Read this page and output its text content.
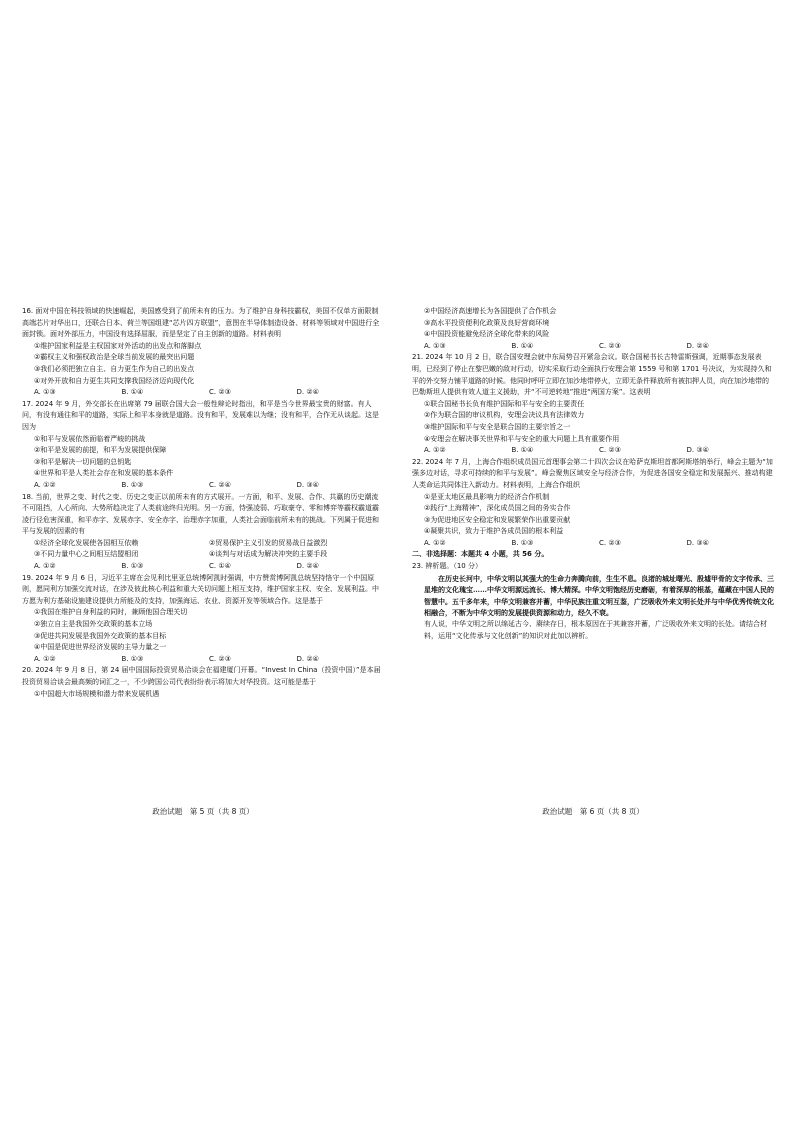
16. 面对中国在科技领域的快速崛起，美国感受到了前所未有的压力。为了维护自身科技霸权，美国不仅单方面限制高端芯片对华出口，还联合日本、荷兰等国组建“芯片四方联盟”，意图在半导体制造设备、材料等领域对中国进行全面封锁。面对外部压力，中国没有选择屈服，而是坚定了自主创新的道路。材料表明

①维护国家利益是主权国家对外活动的出发点和落脚点

②霸权主义和强权政治是全球当前发展的最突出问题

③我们必须把独立自主、自力更生作为自己的出发点

④对外开放和自力更生共同支撑我国经济迈向现代化

A. ①③	B. ①④	C. ②③	D. ②④

17. 2024 年 9 月，外交部长在出席第 79 届联合国大会一般性辩论时指出，和平是当今世界最宝贵的财富。有人问，有没有通往和平的道路，实际上和平本身就是道路。没有和平，发展难以为继；没有和平，合作无从谈起。这是因为

①和平与发展依然面临着严峻的挑战

②和平是发展的前提，和平为发展提供保障

③和平是解决一切问题的总钥匙

④世界和平是人类社会存在和发展的基本条件

A. ①②	B. ①③	C. ②④	D. ③④

18. 当前，世界之变、时代之变、历史之变正以前所未有的方式展开。一方面，和平、发展、合作、共赢的历史潮流不可阻挡，人心所向、大势所趋决定了人类前途终归光明。另一方面，恃强凌弱、巧取豪夺、零和博弈等霸权霸道霸凌行径危害深重，和平赤字、发展赤字、安全赤字、治理赤字加重，人类社会面临前所未有的挑战。下列属于促进和平与发展的因素的有

①经济全球化发展使各国相互依赖	②贸易保护主义引发的贸易战日益激烈
③不同力量中心之间相互结盟相闭	④谈判与对话成为解决冲突的主要手段
A. ①②	B. ①③	C. ①④	D. ②④

19. 2024 年 9 月 6 日，习近平主席在会见利比里亚总统博阿凯时强调，中方赞赏博阿凯总统坚持恪守一个中国原则，愿同利方加强交流对话，在涉及彼此核心利益和重大关切问题上相互支持，维护国家主权、安全、发展利益。中方愿为利方基础设施建设提供力所能及的支持，加强海运、农业、资源开发等领域合作。这是基于

①我国在维护自身利益的同时，兼顾他国合理关切

②独立自主是我国外交政策的基本立场

③促进共同发展是我国外交政策的基本目标

④中国是促进世界经济发展的主导力量之一

A. ①②	B. ①③	C. ②③	D. ②④

20. 2024 年 9 月 8 日，第 24 届中国国际投资贸易洽谈会在福建厦门开幕。“Invest In China（投资中国）”是本届投资贸易洽谈会最高频的词汇之一，不少跨国公司代表纷纷表示将加大对华投资。这可能是基于

①中国超大市场规模和潜力带来发展机遇

政治试题　第 5 页（共 8 页）

②中国经济高速增长为各国提供了合作机会

③高水平投资便利化政策及良好营商环境

④中国投资能避免经济全球化带来的风险

A. ①③	B. ①④	C. ②③	D. ②④

21. 2024 年 10 月 2 日，联合国安理会就中东局势召开紧急会议。联合国秘书长古特雷斯强调，近期事态发展表明，已经到了停止在黎巴嫩的敌对行动，切实采取行动全面执行安理会第 1559 号和第 1701 号决议，为实现持久和平的外交努力铺平道路的时候。他同时呼吁立即在加沙地带停火，立即无条件释放所有被扣押人员，向在加沙地带的巴勒斯坦人提供有效人道主义援助，并“不可逆转地”推进“两国方案”。这表明

①联合国秘书长负有维护国际和平与安全的主要责任

②作为联合国的审议机构，安理会决议具有法律效力

③维护国际和平与安全是联合国的主要宗旨之一

④安理会在解决事关世界和平与安全的重大问题上具有重要作用

A. ①②	B. ①④	C. ②③	D. ③④

22. 2024 年 7 月，上海合作组织成员国元首理事会第二十四次会议在哈萨克斯坦首都阿斯塔纳举行，峰会主题为“加强多边对话，寻求可持续的和平与发展”。峰会聚焦区域安全与经济合作，为促进各国安全稳定和发展振兴、推动构建人类命运共同体注入新动力。材料表明，上海合作组织

①是亚太地区最具影响力的经济合作机制

②践行“上海精神”，深化成员国之间的务实合作

③为促进地区安全稳定和发展繁荣作出重要贡献

④凝聚共识，致力于维护各成员国的根本利益

A. ①②	B. ①③	C. ②③	D. ③④

二、非选择题：本题共 4 小题，共 56 分。

23. 辨析题。（10 分）

在历史长河中，中华文明以其强大的生命力奔腾向前，生生不息。良渚的城址曙光、殷墟甲骨的文字传承、三星堆的文化瑰宝……中华文明源远流长、博大精深。中华文明饱经历史磨砺，有着深厚的根基，蕴藏在中国人民的智慧中。五千多年来，中华文明兼容并蓄，中华民族注重文明互鉴，广泛吸收外来文明长处并与中华优秀传统文化相融合，不断为中华文明的发展提供资源和动力，经久不衰。

有人说，中华文明之所以绵延古今、赓续存日，根本原因在于其兼容并蓄，广泛吸收外来文明的长处。请结合材料，运用“文化传承与文化创新”的知识对此加以辨析。

政治试题　第 6 页（共 8 页）
